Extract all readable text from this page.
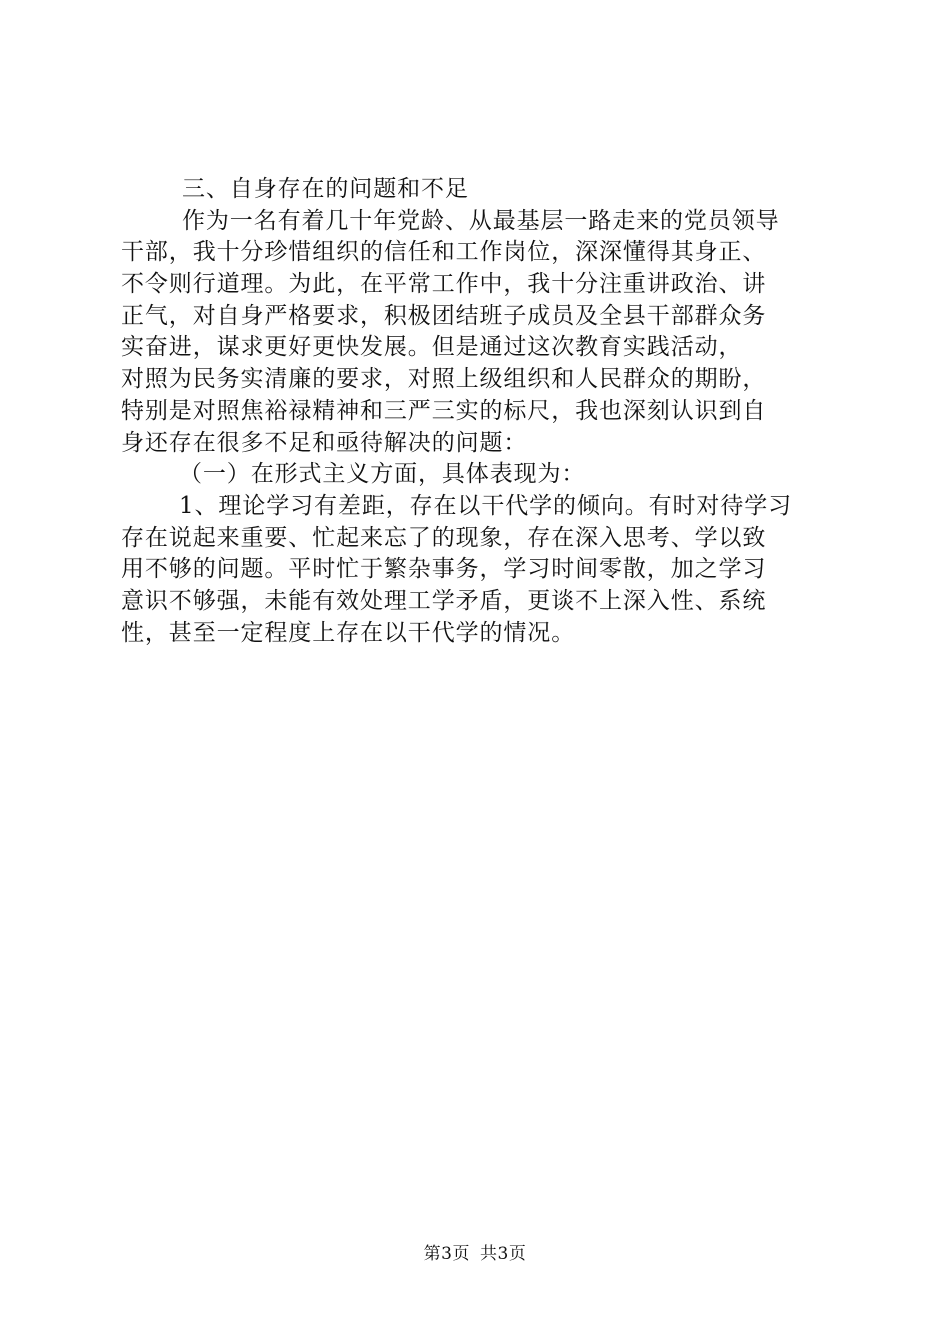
三、自身存在的问题和不足
作为一名有着几十年党龄、从最基层一路走来的党员领导
干部，我十分珍惜组织的信任和工作岗位，深深懂得其身正、
不令则行道理。为此，在平常工作中，我十分注重讲政治、讲
正气，对自身严格要求，积极团结班子成员及全县干部群众务
实奋进，谋求更好更快发展。但是通过这次教育实践活动，
对照为民务实清廉的要求，对照上级组织和人民群众的期盼，
特别是对照焦裕禄精神和三严三实的标尺，我也深刻认识到自
身还存在很多不足和亟待解决的问题：
（一）在形式主义方面，具体表现为：
1、理论学习有差距，存在以干代学的倾向。有时对待学习
存在说起来重要、忙起来忘了的现象，存在深入思考、学以致
用不够的问题。平时忙于繁杂事务，学习时间零散，加之学习
意识不够强，未能有效处理工学矛盾，更谈不上深入性、系统
性，甚至一定程度上存在以干代学的情况。
第3页 共3页
